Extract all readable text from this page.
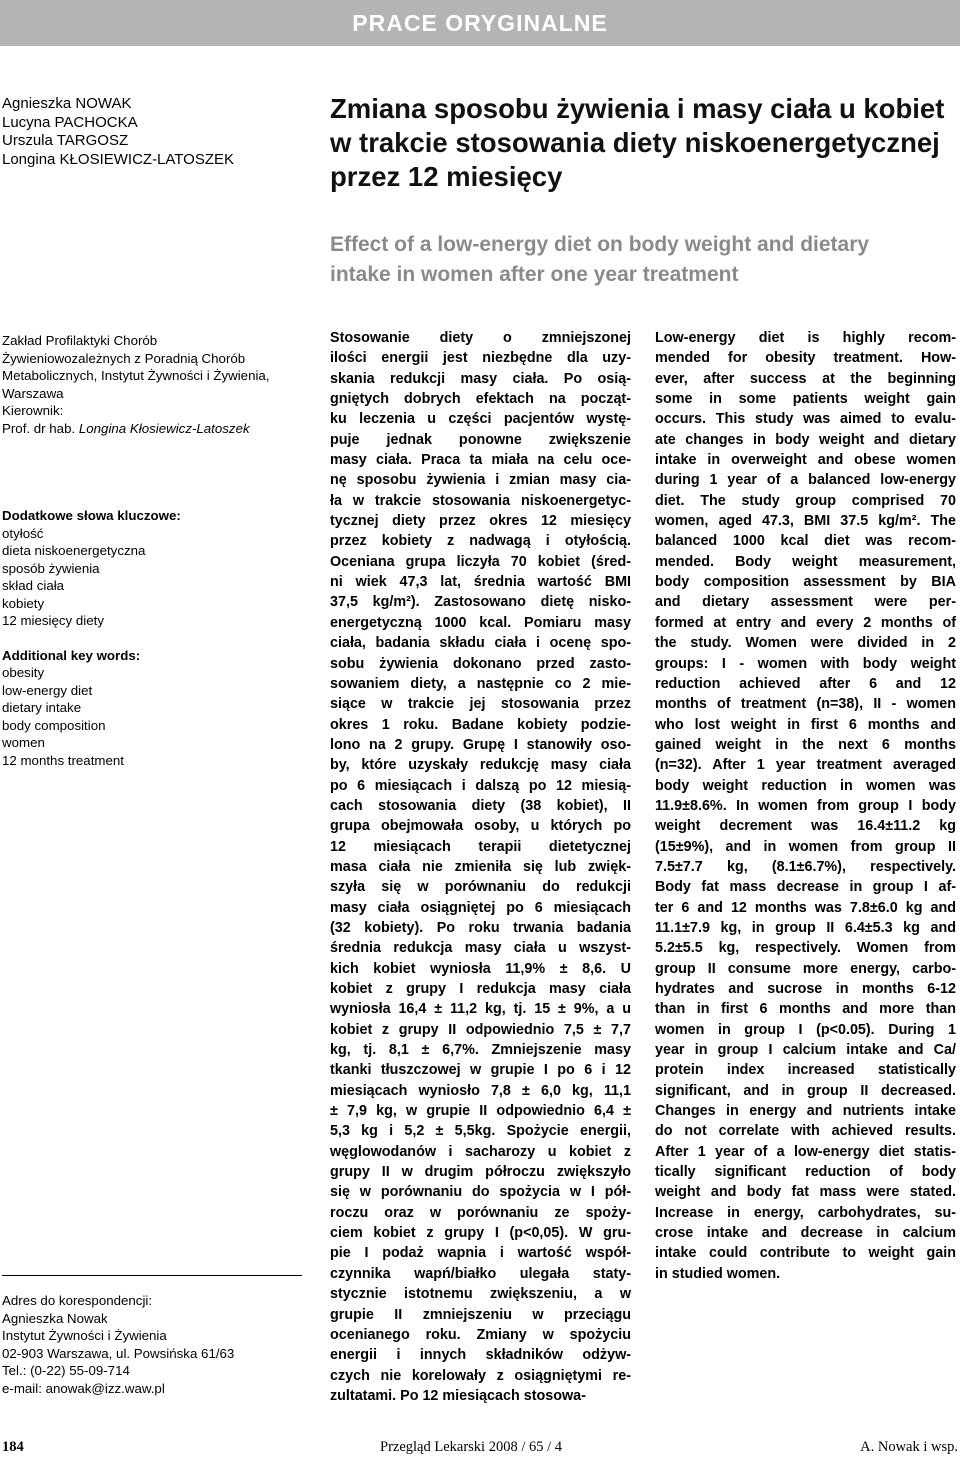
PRACE ORYGINALNE
Agnieszka NOWAK
Lucyna PACHOCKA
Urszula TARGOSZ
Longina KŁOSIEWICZ-LATOSZEK
Zmiana sposobu żywienia i masy ciała u kobiet
w trakcie stosowania diety niskoenergetycznej
przez 12 miesięcy
Effect of a low-energy diet on body weight and dietary
intake in women after one year treatment
Zakład Profilaktyki Chorób
Żywieniowozależnych z Poradnią Chorób
Metabolicznych, Instytut Żywności i Żywienia,
Warszawa
Kierownik:
Prof. dr hab. Longina Kłosiewicz-Latoszek
Dodatkowe słowa kluczowe:
otyłość
dieta niskoenergetyczna
sposób żywienia
skład ciała
kobiety
12 miesięcy diety
Additional key words:
obesity
low-energy diet
dietary intake
body composition
women
12 months treatment
Adres do korespondencji:
Agnieszka Nowak
Instytut Żywności i Żywienia
02-903 Warszawa, ul. Powsińska 61/63
Tel.: (0-22) 55-09-714
e-mail: anowak@izz.waw.pl
Stosowanie diety o zmniejszonej
ilości energii jest niezbędne dla uzy-
skania redukcji masy ciała. Po osią-
gniętych dobrych efektach na począt-
ku leczenia u części pacjentów wystę-
puje jednak ponowne zwiększenie
masy ciała. Praca ta miała na celu oce-
nę sposobu żywienia i zmian masy cia-
ła w trakcie stosowania niskoenergetyc-
tycznej diety przez okres 12 miesięcy
przez kobiety z nadwagą i otyłością.
Oceniana grupa liczyła 70 kobiet (śred-
ni wiek 47,3 lat, średnia wartość BMI
37,5 kg/m²). Zastosowano dietę nisko-
energetyczną 1000 kcal. Pomiaru masy
ciała, badania składu ciała i ocenę spo-
sobu żywienia dokonano przed zasto-
sowaniem diety, a następnie co 2 mie-
siące w trakcie jej stosowania przez
okres 1 roku. Badane kobiety podzie-
lono na 2 grupy. Grupę I stanowiły oso-
by, które uzyskały redukcję masy ciała
po 6 miesiącach i dalszą po 12 miesią-
cach stosowania diety (38 kobiet), II
grupa obejmowała osoby, u których po
12 miesiącach terapii dietetycznej
masa ciała nie zmieniła się lub zwięk-
szyła się w porównaniu do redukcji
masy ciała osiągniętej po 6 miesiącach
(32 kobiety). Po roku trwania badania
średnia redukcja masy ciała u wszyst-
kich kobiet wyniosła 11,9% ± 8,6. U
kobiet z grupy I redukcja masy ciała
wyniosła 16,4 ± 11,2 kg, tj. 15 ± 9%, a u
kobiet z grupy II odpowiednio 7,5 ± 7,7
kg, tj. 8,1 ± 6,7%. Zmniejszenie masy
tkanki tłuszczowej w grupie I po 6 i 12
miesiącach wyniosło 7,8 ± 6,0 kg, 11,1
± 7,9 kg, w grupie II odpowiednio 6,4 ±
5,3 kg i 5,2 ± 5,5kg. Spożycie energii,
węglowodanów i sacharozy u kobiet z
grupy II w drugim półroczu zwiększyło
się w porównaniu do spożycia w I pół-
roczu oraz w porównaniu ze spoży-
ciem kobiet z grupy I (p<0,05). W gru-
pie I podaż wapnia i wartość współ-
czynnika wapń/białko ulegała staty-
stycznie istotnemu zwiększeniu, a w
grupie II zmniejszeniu w przeciągu
ocenianego roku. Zmiany w spożyciu
energii i innych składników odżyw-
czych nie korelowały z osiągniętymi re-
zultatami. Po 12 miesiącach stosowa-
Low-energy diet is highly recom-
mended for obesity treatment. How-
ever, after success at the beginning
some in some patients weight gain
occurs. This study was aimed to evalu-
ate changes in body weight and dietary
intake in overweight and obese women
during 1 year of a balanced low-energy
diet. The study group comprised 70
women, aged 47.3, BMI 37.5 kg/m². The
balanced 1000 kcal diet was recom-
mended. Body weight measurement,
body composition assessment by BIA
and dietary assessment were per-
formed at entry and every 2 months of
the study. Women were divided in 2
groups: I - women with body weight
reduction achieved after 6 and 12
months of treatment (n=38), II - women
who lost weight in first 6 months and
gained weight in the next 6 months
(n=32). After 1 year treatment averaged
body weight reduction in women was
11.9±8.6%. In women from group I body
weight decrement was 16.4±11.2 kg
(15±9%), and in women from group II
7.5±7.7 kg, (8.1±6.7%), respectively.
Body fat mass decrease in group I af-
ter 6 and 12 months was 7.8±6.0 kg and
11.1±7.9 kg, in group II 6.4±5.3 kg and
5.2±5.5 kg, respectively. Women from
group II consume more energy, carbo-
hydrates and sucrose in months 6-12
than in first 6 months and more than
women in group I (p<0.05). During 1
year in group I calcium intake and Ca/
protein index increased statistically
significant, and in group II decreased.
Changes in energy and nutrients intake
do not correlate with achieved results.
After 1 year of a low-energy diet statis-
tically significant reduction of body
weight and body fat mass were stated.
Increase in energy, carbohydrates, su-
crose intake and decrease in calcium
intake could contribute to weight gain
in studied women.
184	Przegląd Lekarski 2008 / 65 / 4	A. Nowak i wsp.
